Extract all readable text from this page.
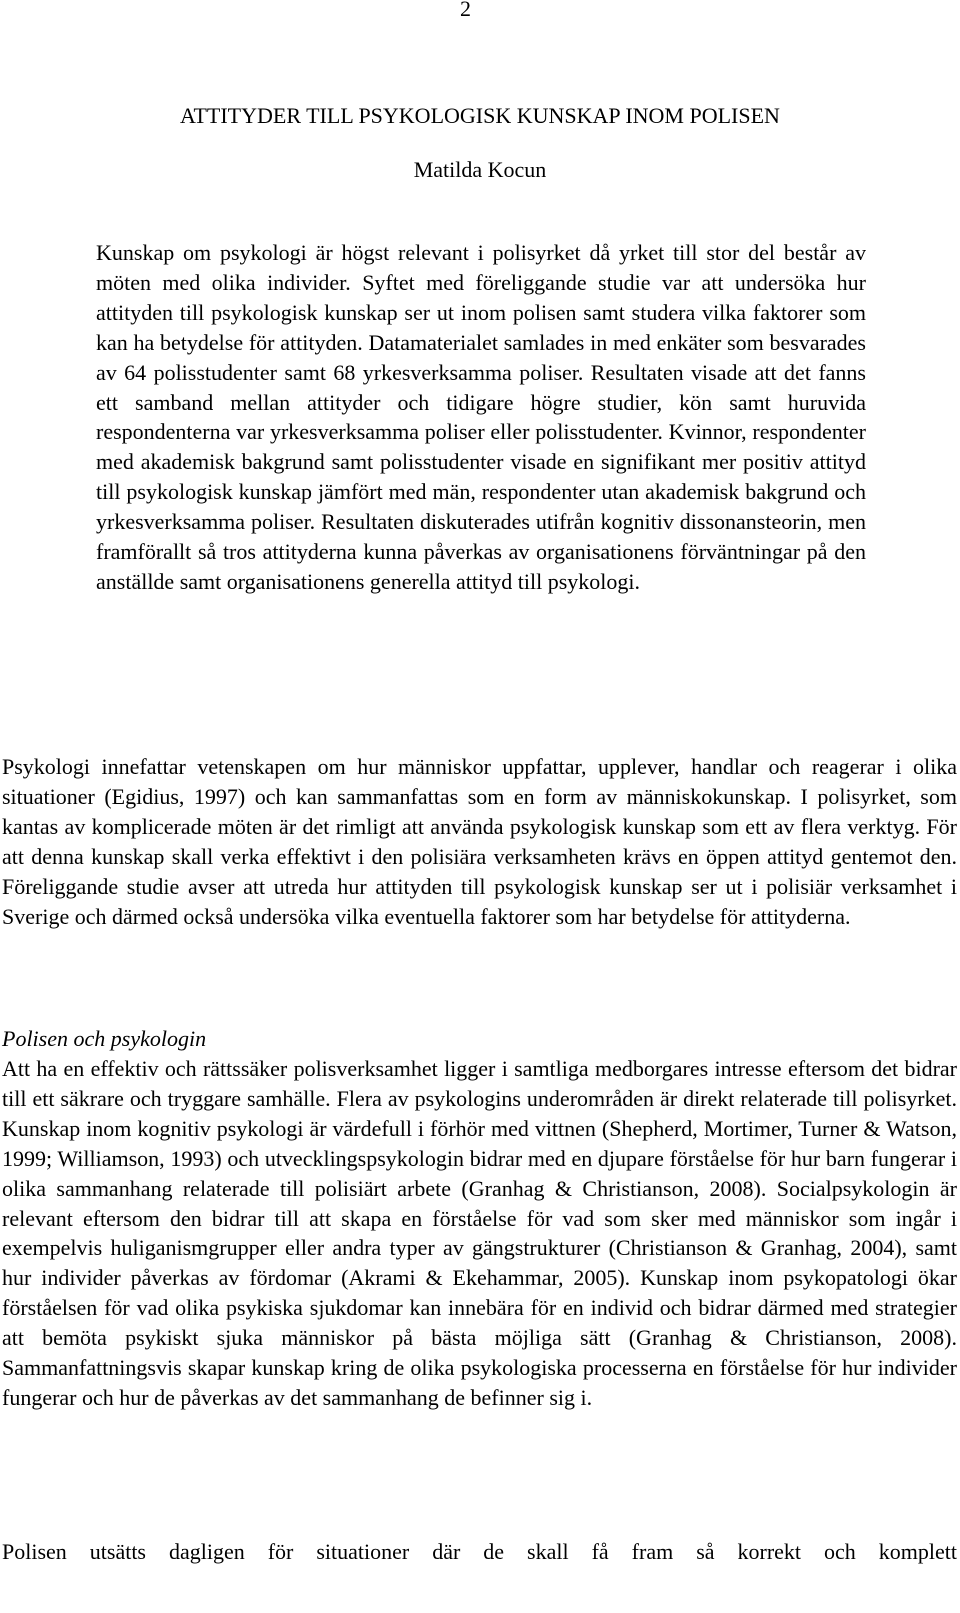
2
ATTITYDER TILL PSYKOLOGISK KUNSKAP INOM POLISEN
Matilda Kocun

Kunskap om psykologi är högst relevant i polisyrket då yrket till stor del består av möten med olika individer. Syftet med föreliggande studie var att undersöka hur attityden till psykologisk kunskap ser ut inom polisen samt studera vilka faktorer som kan ha betydelse för attityden. Datamaterialet samlades in med enkäter som besvarades av 64 polisstudenter samt 68 yrkesverksamma poliser. Resultaten visade att det fanns ett samband mellan attityder och tidigare högre studier, kön samt huruvida respondenterna var yrkesverksamma poliser eller polisstudenter. Kvinnor, respondenter med akademisk bakgrund samt polisstudenter visade en signifikant mer positiv attityd till psykologisk kunskap jämfört med män, respondenter utan akademisk bakgrund och yrkesverksamma poliser. Resultaten diskuterades utifrån kognitiv dissonansteorin, men framförallt så tros attityderna kunna påverkas av organisationens förväntningar på den anställde samt organisationens generella attityd till psykologi.

Psykologi innefattar vetenskapen om hur människor uppfattar, upplever, handlar och reagerar i olika situationer (Egidius, 1997) och kan sammanfattas som en form av människokunskap. I polisyrket, som kantas av komplicerade möten är det rimligt att använda psykologisk kunskap som ett av flera verktyg. För att denna kunskap skall verka effektivt i den polisiära verksamheten krävs en öppen attityd gentemot den. Föreliggande studie avser att utreda hur attityden till psykologisk kunskap ser ut i polisiär verksamhet i Sverige och därmed också undersöka vilka eventuella faktorer som har betydelse för attityderna.

Polisen och psykologin

Att ha en effektiv och rättssäker polisverksamhet ligger i samtliga medborgares intresse eftersom det bidrar till ett säkrare och tryggare samhälle. Flera av psykologins underområden är direkt relaterade till polisyrket. Kunskap inom kognitiv psykologi är värdefull i förhör med vittnen (Shepherd, Mortimer, Turner & Watson, 1999; Williamson, 1993) och utvecklingspsykologin bidrar med en djupare förståelse för hur barn fungerar i olika sammanhang relaterade till polisiärt arbete (Granhag & Christianson, 2008). Socialpsykologin är relevant eftersom den bidrar till att skapa en förståelse för vad som sker med människor som ingår i exempelvis huliganismgrupper eller andra typer av gängstrukturer (Christianson & Granhag, 2004), samt hur individer påverkas av fördomar (Akrami & Ekehammar, 2005). Kunskap inom psykopatologi ökar förståelsen för vad olika psykiska sjukdomar kan innebära för en individ och bidrar därmed med strategier att bemöta psykiskt sjuka människor på bästa möjliga sätt (Granhag & Christianson, 2008). Sammanfattningsvis skapar kunskap kring de olika psykologiska processerna en förståelse för hur individer fungerar och hur de påverkas av det sammanhang de befinner sig i.

Polisen utsätts dagligen för situationer där de skall få fram så korrekt och komplett
